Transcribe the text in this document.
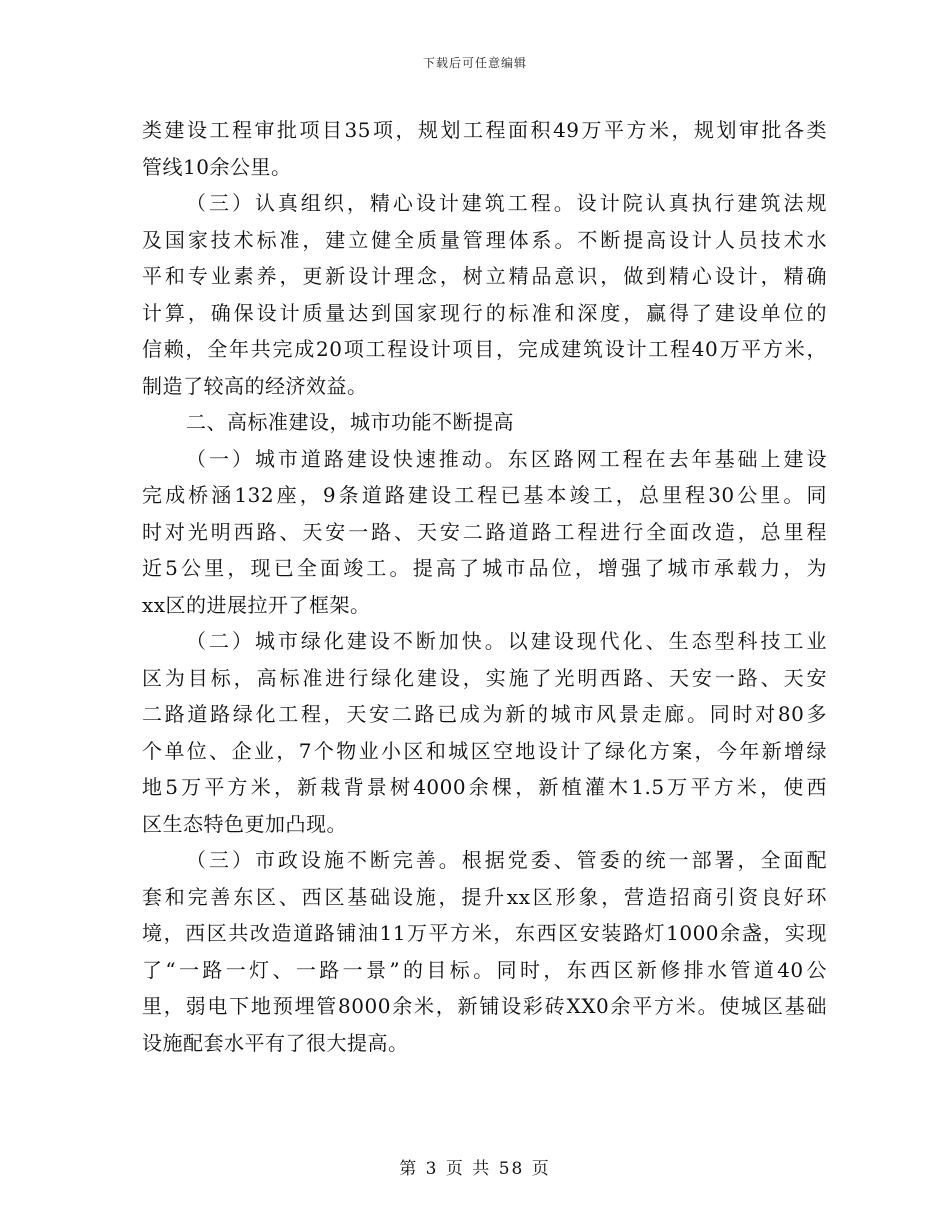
下载后可任意编辑
类建设工程审批项目35项，规划工程面积49万平方米，规划审批各类
管线10余公里。
（三）认真组织，精心设计建筑工程。设计院认真执行建筑法规
及国家技术标准，建立健全质量管理体系。不断提高设计人员技术水
平和专业素养，更新设计理念，树立精品意识，做到精心设计，精确
计算，确保设计质量达到国家现行的标准和深度，赢得了建设单位的
信赖，全年共完成20项工程设计项目，完成建筑设计工程40万平方米，
制造了较高的经济效益。
二、高标准建设，城市功能不断提高
（一）城市道路建设快速推动。东区路网工程在去年基础上建设
完成桥涵132座，9条道路建设工程已基本竣工，总里程30公里。同
时对光明西路、天安一路、天安二路道路工程进行全面改造，总里程
近5公里，现已全面竣工。提高了城市品位，增强了城市承载力，为
xx区的进展拉开了框架。
（二）城市绿化建设不断加快。以建设现代化、生态型科技工业
区为目标，高标准进行绿化建设，实施了光明西路、天安一路、天安
二路道路绿化工程，天安二路已成为新的城市风景走廊。同时对80多
个单位、企业，7个物业小区和城区空地设计了绿化方案，今年新增绿
地5万平方米，新栽背景树4000余棵，新植灌木1.5万平方米，使西
区生态特色更加凸现。
（三）市政设施不断完善。根据党委、管委的统一部署，全面配
套和完善东区、西区基础设施，提升xx区形象，营造招商引资良好环
境，西区共改造道路铺油11万平方米，东西区安装路灯1000余盏，实现
了“一路一灯、一路一景”的目标。同时，东西区新修排水管道40公
里，弱电下地预埋管8000余米，新铺设彩砖XX0余平方米。使城区基础
设施配套水平有了很大提高。
第 3 页 共 58 页
